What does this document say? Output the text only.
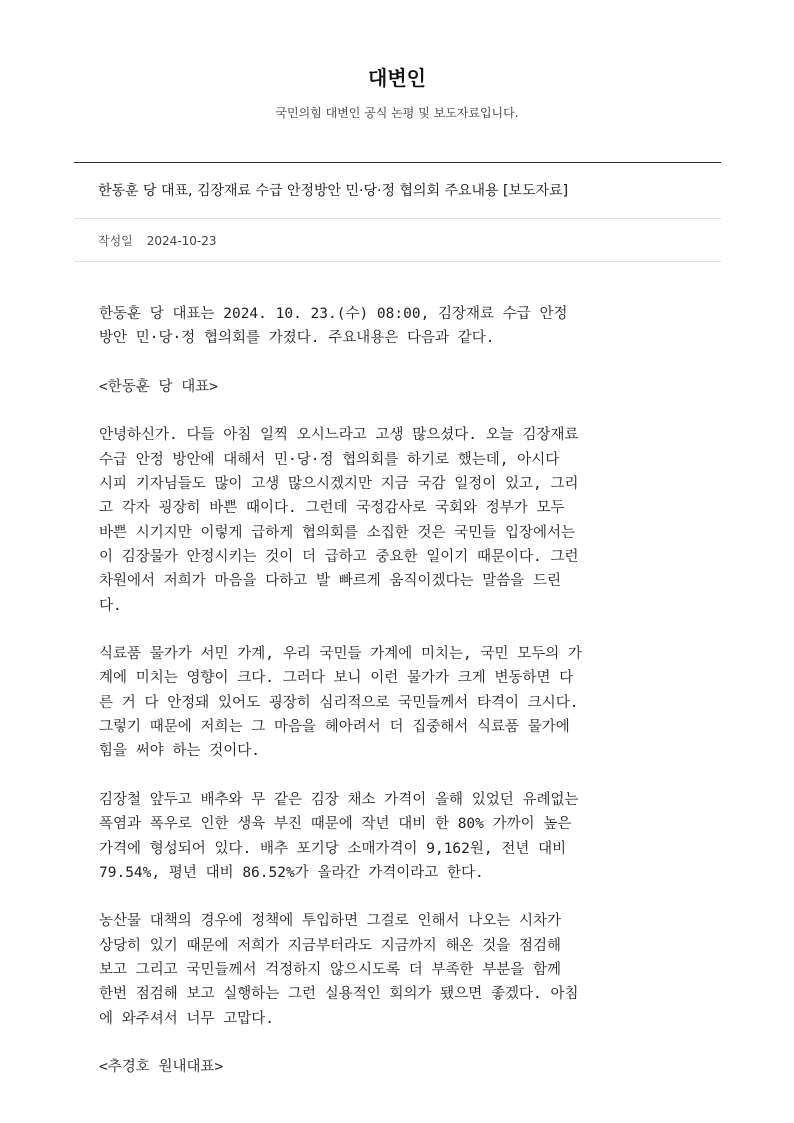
대변인
국민의힘 대변인 공식 논평 및 보도자료입니다.
한동훈 당 대표, 김장재료 수급 안정방안 민·당·정 협의회 주요내용 [보도자료]
작성일 2024-10-23
한동훈 당 대표는 2024. 10. 23.(수) 08:00, 김장재료 수급 안정
방안 민·당·정 협의회를 가졌다. 주요내용은 다음과 같다.
<한동훈 당 대표>
안녕하신가. 다들 아침 일찍 오시느라고 고생 많으셨다. 오늘 김장재료
수급 안정 방안에 대해서 민·당·정 협의회를 하기로 했는데, 아시다
시피 기자님들도 많이 고생 많으시겠지만 지금 국감 일정이 있고, 그리
고 각자 굉장히 바쁜 때이다. 그런데 국정감사로 국회와 정부가 모두
바쁜 시기지만 이렇게 급하게 협의회를 소집한 것은 국민들 입장에서는
이 김장물가 안정시키는 것이 더 급하고 중요한 일이기 때문이다. 그런
차원에서 저희가 마음을 다하고 발 빠르게 움직이겠다는 말씀을 드린
다.
식료품 물가가 서민 가계, 우리 국민들 가계에 미치는, 국민 모두의 가
계에 미치는 영향이 크다. 그러다 보니 이런 물가가 크게 변동하면 다
른 거 다 안정돼 있어도 굉장히 심리적으로 국민들께서 타격이 크시다.
그렇기 때문에 저희는 그 마음을 헤아려서 더 집중해서 식료품 물가에
힘을 써야 하는 것이다.
김장철 앞두고 배추와 무 같은 김장 채소 가격이 올해 있었던 유례없는
폭염과 폭우로 인한 생육 부진 때문에 작년 대비 한 80% 가까이 높은
가격에 형성되어 있다. 배추 포기당 소매가격이 9,162원, 전년 대비
79.54%, 평년 대비 86.52%가 올라간 가격이라고 한다.
농산물 대책의 경우에 정책에 투입하면 그걸로 인해서 나오는 시차가
상당히 있기 때문에 저희가 지금부터라도 지금까지 해온 것을 점검해
보고 그리고 국민들께서 걱정하지 않으시도록 더 부족한 부분을 함께
한번 점검해 보고 실행하는 그런 실용적인 회의가 됐으면 좋겠다. 아침
에 와주셔서 너무 고맙다.
<추경호 원내대표>
